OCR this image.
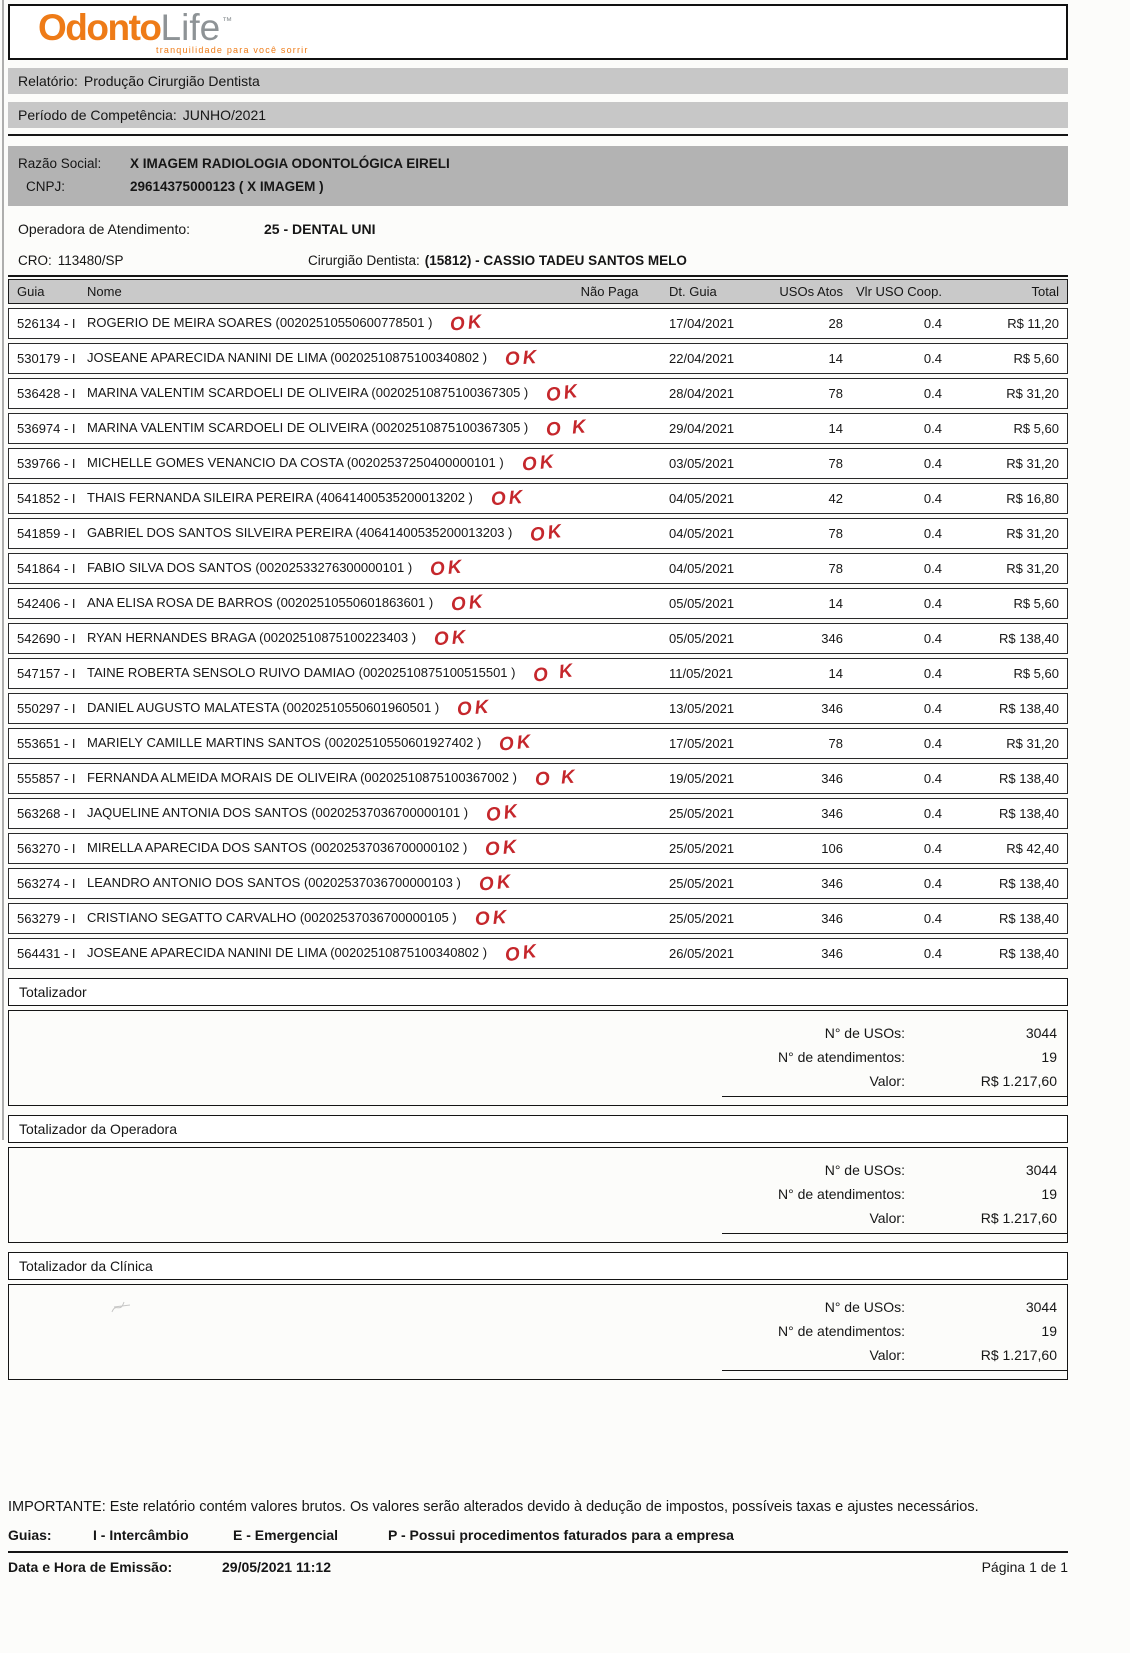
Odonto Life ™
tranquilidade para você sorrir
Relatório: Produção Cirurgião Dentista
Período de Competência: JUNHO/2021
Razão Social:	X IMAGEM RADIOLOGIA ODONTOLÓGICA EIRELI
CNPJ:	29614375000123 ( X IMAGEM )
Operadora de Atendimento:	25 - DENTAL UNI
CRO: 113480/SP	Cirurgião Dentista: (15812) - CASSIO TADEU SANTOS MELO
Guia	Nome	Não Paga	Dt. Guia	USOs Atos	Vlr USO Coop.	Total
526134 - I ROGERIO DE MEIRA SOARES (00202510550600778501 ) OK	17/04/2021	28	0.4	R$ 11,20
530179 - I JOSEANE APARECIDA NANINI DE LIMA (00202510875100340802 ) OK	22/04/2021	14	0.4	R$ 5,60
536428 - I MARINA VALENTIM SCARDOELI DE OLIVEIRA (00202510875100367305 ) OK	28/04/2021	78	0.4	R$ 31,20
536974 - I MARINA VALENTIM SCARDOELI DE OLIVEIRA (00202510875100367305 ) O K	29/04/2021	14	0.4	R$ 5,60
539766 - I MICHELLE GOMES VENANCIO DA COSTA (00202537250400000101 ) OK	03/05/2021	78	0.4	R$ 31,20
541852 - I THAIS FERNANDA SILEIRA PEREIRA (40641400535200013202 ) OK	04/05/2021	42	0.4	R$ 16,80
541859 - I GABRIEL DOS SANTOS SILVEIRA PEREIRA (40641400535200013203 ) OK	04/05/2021	78	0.4	R$ 31,20
541864 - I FABIO SILVA DOS SANTOS (00202533276300000101 ) OK	04/05/2021	78	0.4	R$ 31,20
542406 - I ANA ELISA ROSA DE BARROS (00202510550601863601 ) OK	05/05/2021	14	0.4	R$ 5,60
542690 - I RYAN HERNANDES BRAGA (00202510875100223403 ) OK	05/05/2021	346	0.4	R$ 138,40
547157 - I TAINE ROBERTA SENSOLO RUIVO DAMIAO (00202510875100515501 ) O K	11/05/2021	14	0.4	R$ 5,60
550297 - I DANIEL AUGUSTO MALATESTA (00202510550601960501 ) OK	13/05/2021	346	0.4	R$ 138,40
553651 - I MARIELY CAMILLE MARTINS SANTOS (00202510550601927402 ) OK	17/05/2021	78	0.4	R$ 31,20
555857 - I FERNANDA ALMEIDA MORAIS DE OLIVEIRA (00202510875100367002 ) O K	19/05/2021	346	0.4	R$ 138,40
563268 - I JAQUELINE ANTONIA DOS SANTOS (00202537036700000101 ) OK	25/05/2021	346	0.4	R$ 138,40
563270 - I MIRELLA APARECIDA DOS SANTOS (00202537036700000102 ) OK	25/05/2021	106	0.4	R$ 42,40
563274 - I LEANDRO ANTONIO DOS SANTOS (00202537036700000103 ) OK	25/05/2021	346	0.4	R$ 138,40
563279 - I CRISTIANO SEGATTO CARVALHO (00202537036700000105 ) OK	25/05/2021	346	0.4	R$ 138,40
564431 - I JOSEANE APARECIDA NANINI DE LIMA (00202510875100340802 ) OK	26/05/2021	346	0.4	R$ 138,40
Totalizador
N° de USOs:	3044
N° de atendimentos:	19
Valor:	R$ 1.217,60
Totalizador da Operadora
N° de USOs:	3044
N° de atendimentos:	19
Valor:	R$ 1.217,60
Totalizador da Clínica
N° de USOs:	3044
N° de atendimentos:	19
Valor:	R$ 1.217,60
IMPORTANTE: Este relatório contém valores brutos. Os valores serão alterados devido à dedução de impostos, possíveis taxas e ajustes necessários.
Guias:	I - Intercâmbio	E - Emergencial	P - Possui procedimentos faturados para a empresa
Data e Hora de Emissão:	29/05/2021 11:12	Página 1 de 1
